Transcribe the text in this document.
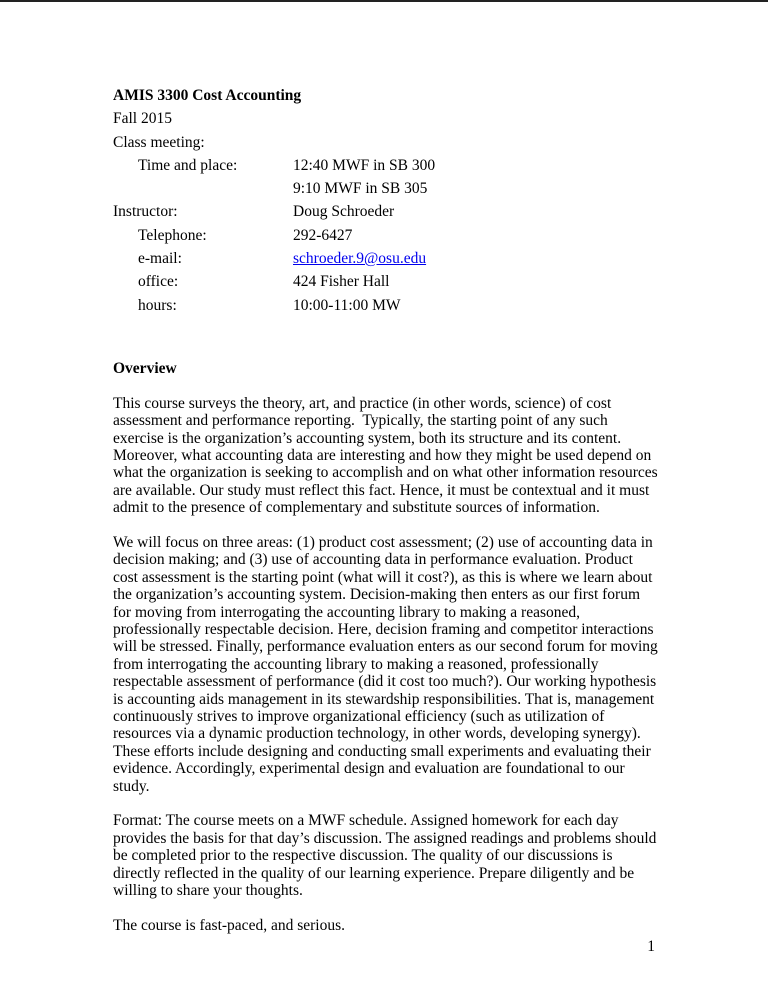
AMIS 3300 Cost Accounting
Fall 2015
Class meeting:
Time and place:	12:40 MWF in SB 300
9:10 MWF in SB 305
Instructor:	Doug Schroeder
Telephone:	292-6427
e-mail:	schroeder.9@osu.edu
office:	424 Fisher Hall
hours:	10:00-11:00 MW
Overview

This course surveys the theory, art, and practice (in other words, science) of cost assessment and performance reporting.  Typically, the starting point of any such exercise is the organization’s accounting system, both its structure and its content. Moreover, what accounting data are interesting and how they might be used depend on what the organization is seeking to accomplish and on what other information resources are available. Our study must reflect this fact. Hence, it must be contextual and it must admit to the presence of complementary and substitute sources of information.

We will focus on three areas: (1) product cost assessment; (2) use of accounting data in decision making; and (3) use of accounting data in performance evaluation. Product cost assessment is the starting point (what will it cost?), as this is where we learn about the organization’s accounting system. Decision-making then enters as our first forum for moving from interrogating the accounting library to making a reasoned, professionally respectable decision. Here, decision framing and competitor interactions will be stressed. Finally, performance evaluation enters as our second forum for moving from interrogating the accounting library to making a reasoned, professionally respectable assessment of performance (did it cost too much?). Our working hypothesis is accounting aids management in its stewardship responsibilities. That is, management continuously strives to improve organizational efficiency (such as utilization of resources via a dynamic production technology, in other words, developing synergy). These efforts include designing and conducting small experiments and evaluating their evidence. Accordingly, experimental design and evaluation are foundational to our study.

Format: The course meets on a MWF schedule. Assigned homework for each day provides the basis for that day’s discussion. The assigned readings and problems should be completed prior to the respective discussion. The quality of our discussions is directly reflected in the quality of our learning experience. Prepare diligently and be willing to share your thoughts.

The course is fast-paced, and serious.

1
